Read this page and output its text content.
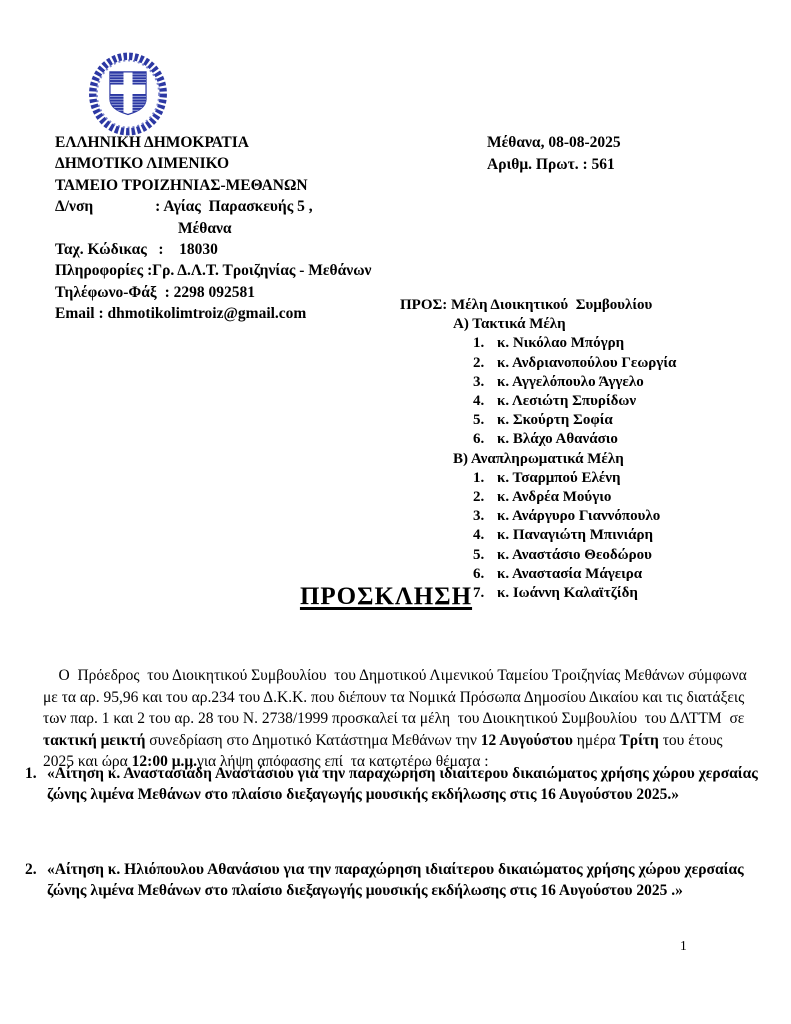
ΕΛΛΗΝΙΚΗ ΔΗΜΟΚΡΑΤΙΑ
ΔΗΜΟΤΙΚΟ ΛΙΜΕΝΙΚΟ
ΤΑΜΕΙΟ ΤΡΟΙΖΗΝΙΑΣ-ΜΕΘΑΝΩΝ
Δ/νση                : Αγίας  Παρασκευής 5 ,
Μέθανα
Ταχ. Κώδικας   :    18030
Πληροφορίες :Γρ. Δ.Λ.Τ. Τροιζηνίας - Μεθάνων
Τηλέφωνο-Φάξ  : 2298 092581
Email : dhmotikolimtroiz@gmail.com
Μέθανα, 08-08-2025
Αριθμ. Πρωτ. : 561
ΠΡΟΣ: Μέλη Διοικητικού  Συμβουλίου
Α) Τακτικά Μέλη
1. κ. Νικόλαο Μπόγρη
2. κ. Ανδριανοπούλου Γεωργία
3. κ. Αγγελόπουλο Άγγελο
4. κ. Λεσιώτη Σπυρίδων
5. κ. Σκούρτη Σοφία
6. κ. Βλάχο Αθανάσιο
Β) Αναπληρωματικά Μέλη
1. κ. Τσαρμπού Ελένη
2. κ. Ανδρέα Μούγιο
3. κ. Ανάργυρο Γιαννόπουλο
4. κ. Παναγιώτη Μπινιάρη
5. κ. Αναστάσιο Θεοδώρου
6. κ. Αναστασία Μάγειρα
7. κ. Ιωάννη Καλαϊτζίδη
ΠΡΟΣΚΛΗΣΗ

Ο  Πρόεδρος  του Διοικητικού Συμβουλίου  του Δημοτικού Λιμενικού Ταμείου Τροιζηνίας Μεθάνων σύμφωνα με τα αρ. 95,96 και του αρ.234 του Δ.Κ.Κ. που διέπουν τα Νομικά Πρόσωπα Δημοσίου Δικαίου και τις διατάξεις των παρ. 1 και 2 του αρ. 28 του Ν. 2738/1999 προσκαλεί τα μέλη  του Διοικητικού Συμβουλίου  του ΔΛΤΤΜ  σε τακτική μεικτή συνεδρίαση στο Δημοτικό Κατάστημα Μεθάνων την 12 Αυγούστου ημέρα Τρίτη του έτους 2025 και ώρα 12:00 μ.μ.για λήψη απόφασης επί  τα κατωτέρω θέματα :

1. «Αίτηση κ. Αναστασιάδη Αναστάσιου για την παραχώρηση ιδιαίτερου δικαιώματος χρήσης χώρου χερσαίας ζώνης λιμένα Μεθάνων στο πλαίσιο διεξαγωγής μουσικής εκδήλωσης στις 16 Αυγούστου 2025.»
2. «Αίτηση κ. Ηλιόπουλου Αθανάσιου για την παραχώρηση ιδιαίτερου δικαιώματος χρήσης χώρου χερσαίας ζώνης λιμένα Μεθάνων στο πλαίσιο διεξαγωγής μουσικής εκδήλωσης στις 16 Αυγούστου 2025 .»
1
